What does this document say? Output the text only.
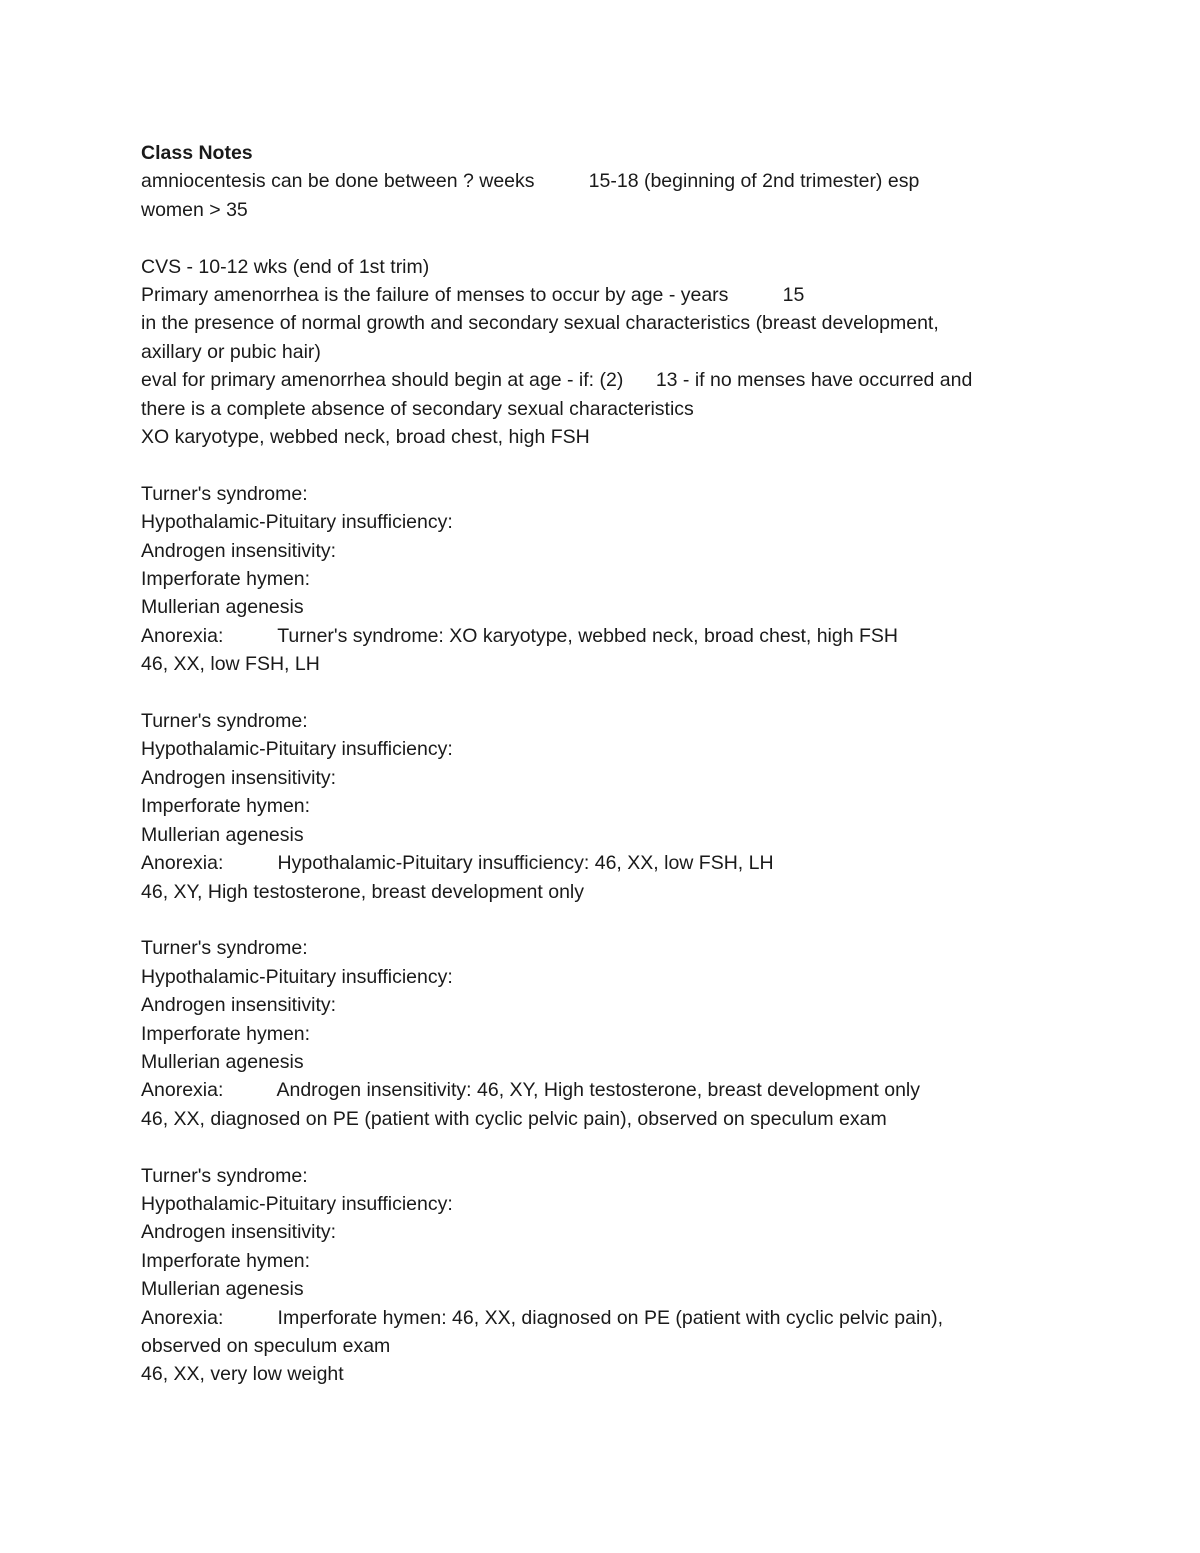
Class Notes

amniocentesis can be done between ? weeks          15-18 (beginning of 2nd trimester) esp

women > 35

CVS - 10-12 wks (end of 1st trim)

Primary amenorrhea is the failure of menses to occur by age - years          15

in the presence of normal growth and secondary sexual characteristics (breast development,

axillary or pubic hair)

eval for primary amenorrhea should begin at age - if: (2)      13 - if no menses have occurred and

there is a complete absence of secondary sexual characteristics

XO karyotype, webbed neck, broad chest, high FSH

Turner's syndrome:

Hypothalamic-Pituitary insufficiency:

Androgen insensitivity:

Imperforate hymen:

Mullerian agenesis

Anorexia:          Turner's syndrome: XO karyotype, webbed neck, broad chest, high FSH

46, XX, low FSH, LH

Turner's syndrome:

Hypothalamic-Pituitary insufficiency:

Androgen insensitivity:

Imperforate hymen:

Mullerian agenesis

Anorexia:          Hypothalamic-Pituitary insufficiency: 46, XX, low FSH, LH

46, XY, High testosterone, breast development only

Turner's syndrome:

Hypothalamic-Pituitary insufficiency:

Androgen insensitivity:

Imperforate hymen:

Mullerian agenesis

Anorexia:          Androgen insensitivity: 46, XY, High testosterone, breast development only

46, XX, diagnosed on PE (patient with cyclic pelvic pain), observed on speculum exam

Turner's syndrome:

Hypothalamic-Pituitary insufficiency:

Androgen insensitivity:

Imperforate hymen:

Mullerian agenesis

Anorexia:          Imperforate hymen: 46, XX, diagnosed on PE (patient with cyclic pelvic pain),

observed on speculum exam

46, XX, very low weight
